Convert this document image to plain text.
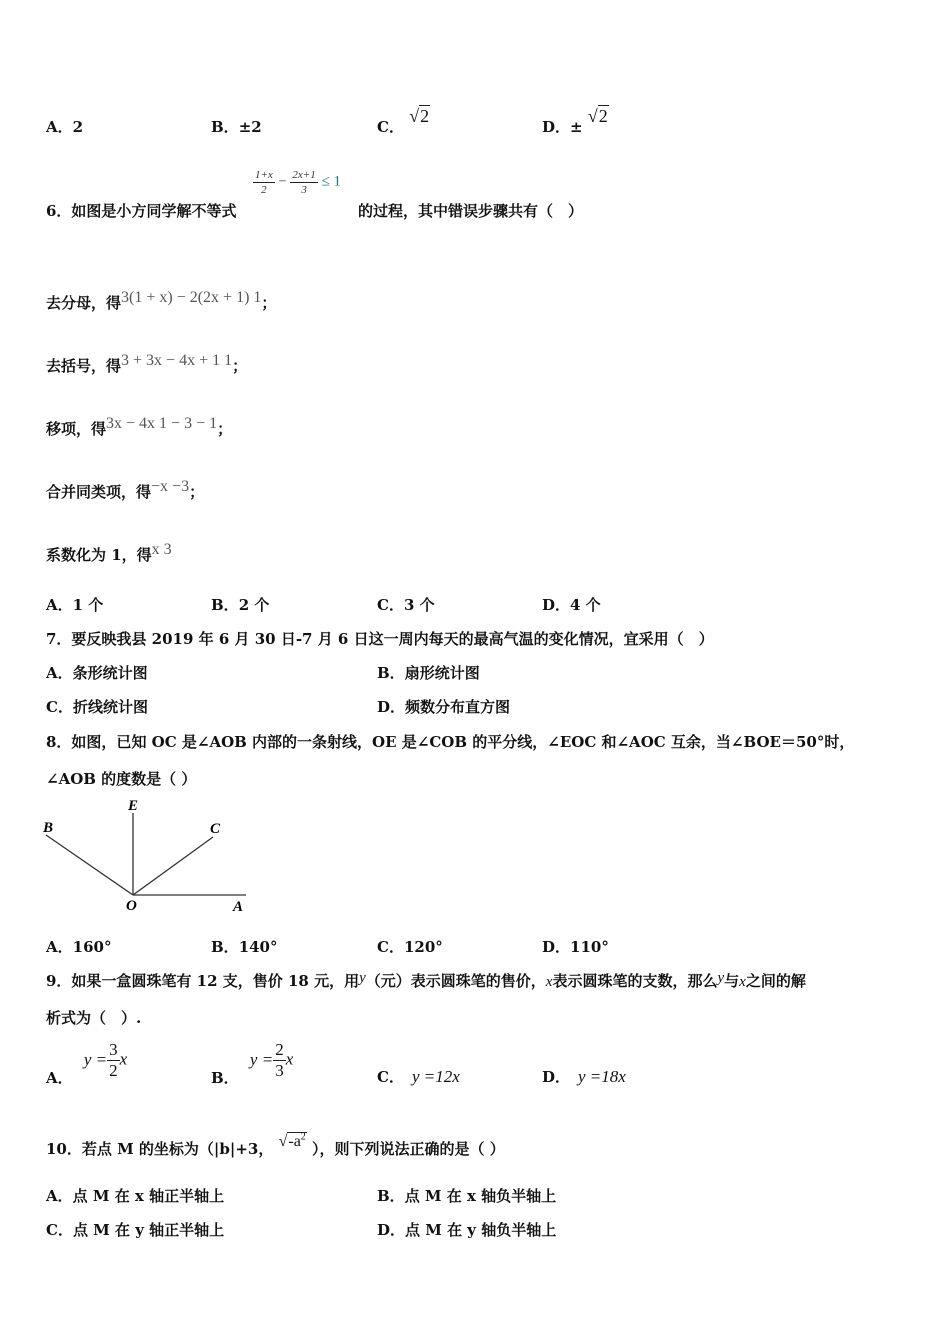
A．2	B．±2	C． √2
D．± √2
6．如图是小方同学解不等式
$\frac{1+x}{2} - \frac{2x+1}{3} \le 1$
的过程，其中错误步骤共有（　）
去分母，得3(1 + x) − 2(2x + 1) 1；
去括号，得3 + 3x − 4x + 1 1；
移项，得3x − 4x 1 − 3 − 1；
合并同类项，得−x −3；
系数化为 1，得x 3
A．1 个	B．2 个	C．3 个	D．4 个
7．要反映我县 2019 年 6 月 30 日-7 月 6 日这一周内每天的最高气温的变化情况，宜采用（　）
A．条形统计图	B．扇形统计图
C．折线统计图	D．频数分布直方图
8．如图，已知 OC 是∠AOB 内部的一条射线，OE 是∠COB 的平分线，∠EOC 和∠AOC 互余，当∠BOE＝50°时，
∠AOB 的度数是（ ）
B
E
C
O	A
A．160°	B．140°	C．120°	D．110°
9．如果一盒圆珠笔有 12 支，售价 18 元，用y（元）表示圆珠笔的售价，x表示圆珠笔的支数，那么y与x之间的解
析式为（　）.
A． $y = \frac{3}{2}$ x
B． $y = \frac{2}{3}$ x
C． y =12x	D． y =18x
10．若点 M 的坐标为（|b|+3， $√-a^2$ ），则下列说法正确的是（ ）
A．点 M 在 x 轴正半轴上	B．点 M 在 x 轴负半轴上
C．点 M 在 y 轴正半轴上	D．点 M 在 y 轴负半轴上
